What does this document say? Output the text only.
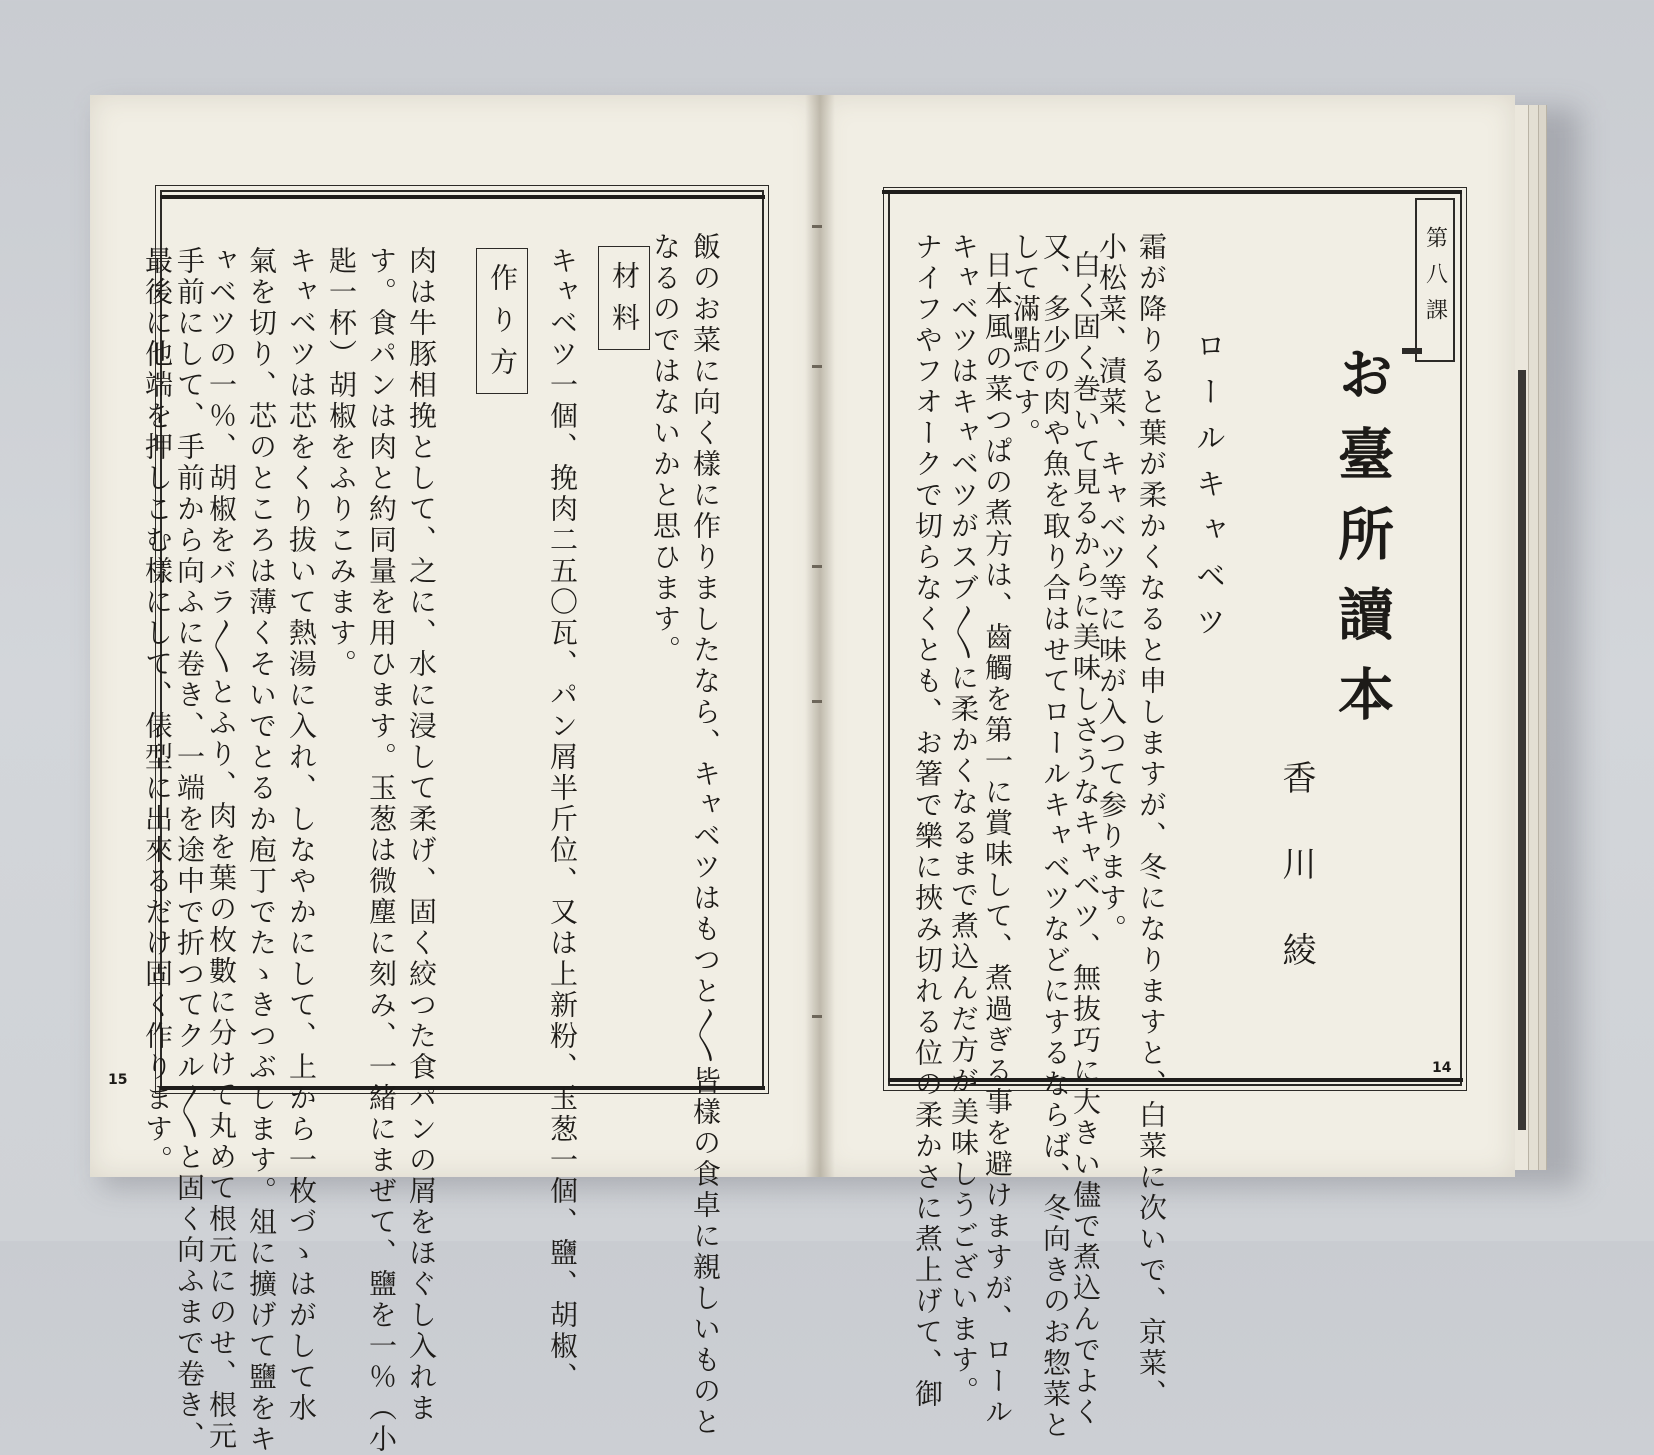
飯のお菜に向く樣に作りましたなら、キャベツはもつと〳〵皆樣の食卓に親しいものと
なるのではないかと思ひます。
材料
キャベツ一個、挽肉二五〇瓦、パン屑半斤位、又は上新粉、玉葱一個、鹽、胡椒、
作り方
肉は牛豚相挽として、之に、水に浸して柔げ、固く絞つた食パンの屑をほぐし入れま
す。食パンは肉と約同量を用ひます。玉葱は微塵に刻み、一緒にまぜて、鹽を一％（小
匙一杯）胡椒をふりこみます。
キャベツは芯をくり拔いて熱湯に入れ、しなやかにして、上から一枚づゝはがして水
氣を切り、芯のところは薄くそいでとるか庖丁でたゝきつぶします。俎に擴げて鹽をキ
ャベツの一％、胡椒をバラ〳〵とふり、肉を葉の枚數に分けて丸めて根元にのせ、根元
手前にして、手前から向ふに卷き、一端を途中で折つてクル〳〵と固く向ふまで卷き、
最後に他端を押しこむ樣にして、俵型に出來るだけ固く作ります。
15
第八課
お臺所讀本
香川綾
ロールキャベツ
霜が降りると葉が柔かくなると申しますが、冬になりますと、白菜に次いで、京菜、
小松菜、漬菜、キャベツ等に味が入つて参ります。
白く固く巻いて見るからに美味しさうなキャベツ、無抜巧に大きい儘で煮込んでよく
又、多少の肉や魚を取り合はせてロールキャベツなどにするならば、冬向きのお惣菜と
して滿點です。
日本風の菜つぱの煮方は、齒觸を第一に賞味して、煮過ぎる事を避けますが、ロール
キャベツはキャベツがスブ〳〵に柔かくなるまで煮込んだ方が美味しうございます。
ナイフやフオークで切らなくとも、お箸で樂に挾み切れる位の柔かさに煮上げて、御	14
